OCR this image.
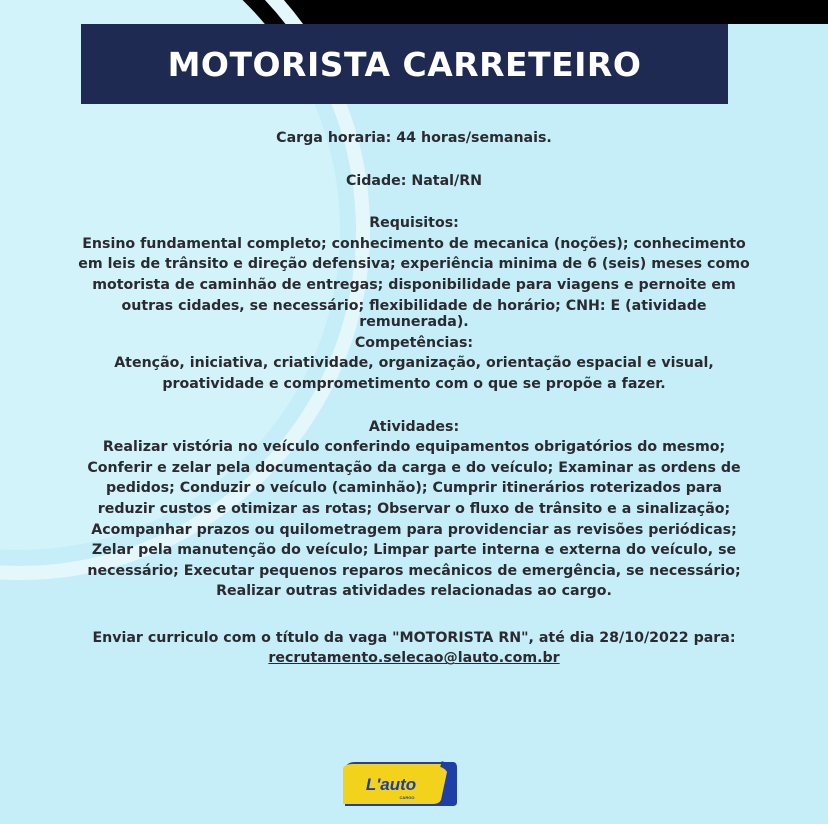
MOTORISTA CARRETEIRO

Carga horaria: 44 horas/semanais.

Cidade: Natal/RN

Requisitos:

Ensino fundamental completo; conhecimento de mecanica (noções); conhecimento

em leis de trânsito e direção defensiva; experiência minima de 6 (seis) meses como

motorista de caminhão de entregas; disponibilidade para viagens e pernoite em

outras cidades, se necessário; flexibilidade de horário; CNH: E (atividade

remunerada).

Competências:

Atenção, iniciativa, criatividade, organização, orientação espacial e visual,

proatividade e comprometimento com o que se propõe a fazer.

Atividades:

Realizar vistória no veículo conferindo equipamentos obrigatórios do mesmo;

Conferir e zelar pela documentação da carga e do veículo; Examinar as ordens de

pedidos; Conduzir o veículo (caminhão); Cumprir itinerários roterizados para

reduzir custos e otimizar as rotas; Observar o fluxo de trânsito e a sinalização;

Acompanhar prazos ou quilometragem para providenciar as revisões periódicas;

Zelar pela manutenção do veículo; Limpar parte interna e externa do veículo, se

necessário; Executar pequenos reparos mecânicos de emergência, se necessário;

Realizar outras atividades relacionadas ao cargo.

Enviar curriculo com o título da vaga "MOTORISTA RN", até dia 28/10/2022 para:

recrutamento.selecao@lauto.com.br

L'auto
CARGO
